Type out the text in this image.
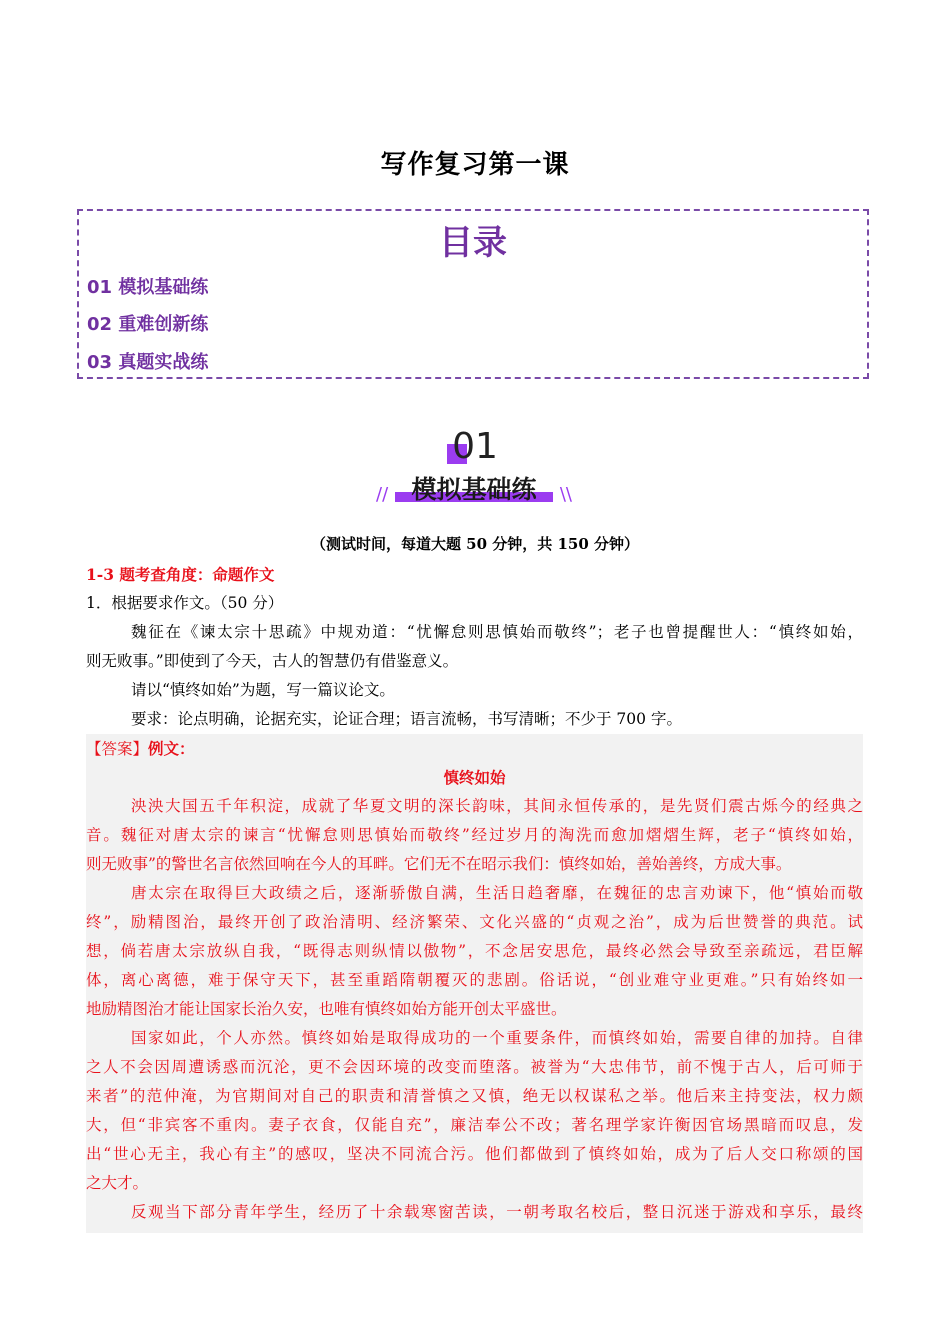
写作复习第一课
目录
01 模拟基础练
02 重难创新练
03 真题实战练
01
// 模拟基础练	\\
（测试时间，每道大题 50 分钟，共 150 分钟）
1-3 题考查角度：命题作文
1．根据要求作文。（50 分）
魏征在《谏太宗十思疏》中规劝道：“忧懈怠则思慎始而敬终”；老子也曾提醒世人：“慎终如始，
则无败事。”即使到了今天，古人的智慧仍有借鉴意义。
请以“慎终如始”为题，写一篇议论文。
要求：论点明确，论据充实，论证合理；语言流畅，书写清晰；不少于 700 字。
【答案】例文：
慎终如始
泱泱大国五千年积淀，成就了华夏文明的深长韵味，其间永恒传承的，是先贤们震古烁今的经典之
音。魏征对唐太宗的谏言“忧懈怠则思慎始而敬终”经过岁月的淘洗而愈加熠熠生辉，老子“慎终如始，
则无败事”的警世名言依然回响在今人的耳畔。它们无不在昭示我们：慎终如始，善始善终，方成大事。
唐太宗在取得巨大政绩之后，逐渐骄傲自满，生活日趋奢靡，在魏征的忠言劝谏下，他“慎始而敬
终”，励精图治，最终开创了政治清明、经济繁荣、文化兴盛的“贞观之治”，成为后世赞誉的典范。试
想，倘若唐太宗放纵自我，“既得志则纵情以傲物”，不念居安思危，最终必然会导致至亲疏远，君臣解
体，离心离德，难于保守天下，甚至重蹈隋朝覆灭的悲剧。俗话说，“创业难守业更难。”只有始终如一
地励精图治才能让国家长治久安，也唯有慎终如始方能开创太平盛世。
国家如此，个人亦然。慎终如始是取得成功的一个重要条件，而慎终如始，需要自律的加持。自律
之人不会因周遭诱惑而沉沦，更不会因环境的改变而堕落。被誉为“大忠伟节，前不愧于古人，后可师于
来者”的范仲淹，为官期间对自己的职责和清誉慎之又慎，绝无以权谋私之举。他后来主持变法，权力颇
大，但“非宾客不重肉。妻子衣食，仅能自充”，廉洁奉公不改；著名理学家许衡因官场黑暗而叹息，发
出“世心无主，我心有主”的感叹，坚决不同流合污。他们都做到了慎终如始，成为了后人交口称颂的国
之大才。
反观当下部分青年学生，经历了十余载寒窗苦读，一朝考取名校后，整日沉迷于游戏和享乐，最终
